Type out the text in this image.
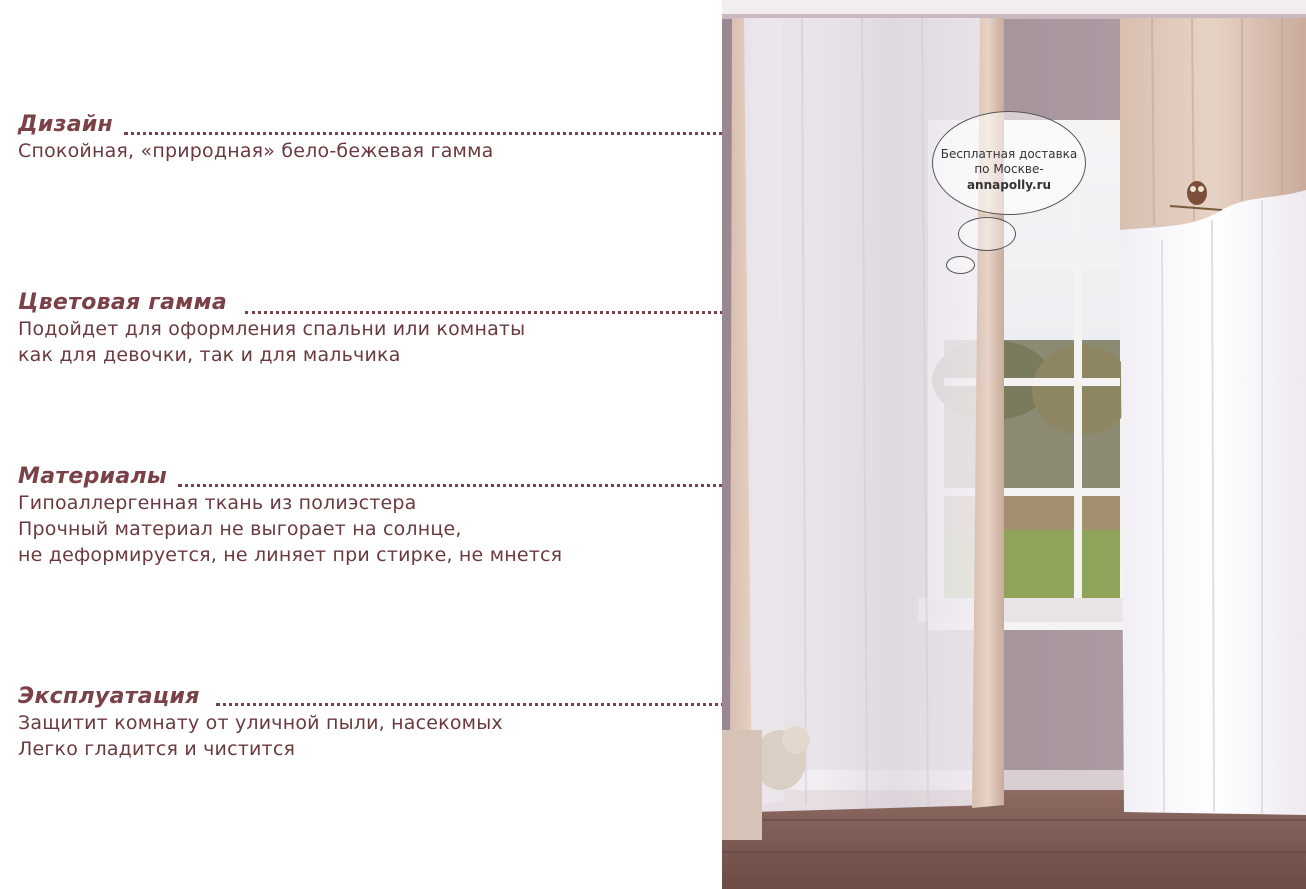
Дизайн
Спокойная, «природная» бело-бежевая гамма
Цветовая гамма
Подойдет для оформления спальни или комнаты
как для девочки, так и для мальчика
Материалы
Гипоаллергенная ткань из полиэстера
Прочный материал не выгорает на солнце,
не деформируется, не линяет при стирке, не мнется
Эксплуатация
Защитит комнату от уличной пыли, насекомых
Легко гладится и чистится
Бесплатная доставка
по Москве-
annapolly.ru
